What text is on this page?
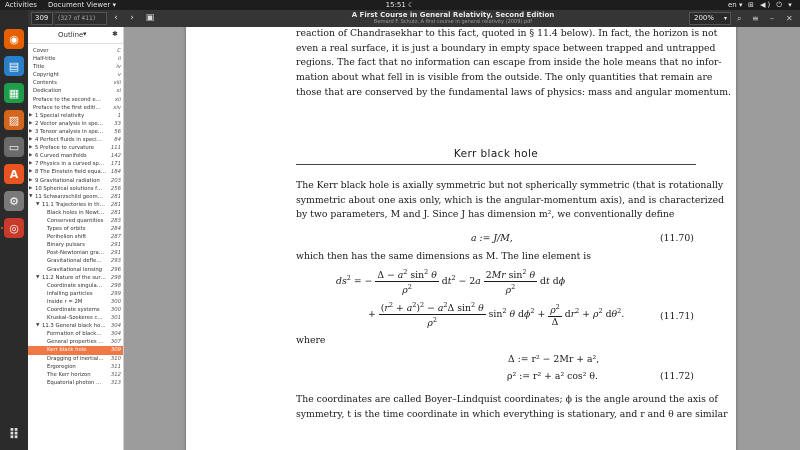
Activities Document Viewer ▾	15:51 ☾	en ▾ ⊞ ◀) ⏻ ▾
◉
▤
▦
▨
▭
A
⚙
◎
⠿
309	(327 of 411)	‹	›	▣	A First Course in General Relativity, Second Edition
Bernard F. Schutz, A first course in general relativity (2009).pdf	200% ▾ ⌕ ≡ – ✕
Outline ▾	✱
Cover	C
Half-title	ii
Title	iv
Copyright	v
Contents	viii
Dedication	xi
Preface to the second e…	xii
Preface to the first editi…	xiv
▶ 1 Special relativity	1
▶ 2 Vector analysis in spe…	33
▶ 3 Tensor analysis in spe…	56
▶ 4 Perfect fluids in speci…	84
▶ 5 Preface to curvature	111
▶ 6 Curved manifolds	142
▶ 7 Physics in a curved sp…	171
▶ 8 The Einstein field equa… 184
▶ 9 Gravitational radiation	203
▶ 10 Spherical solutions f…	256
▼ 11 Schwarzschild geom…	281
▼ 11.1 Trajectories in th…	281
Black holes in Newt…	281
Conserved quantities	283
Types of orbits	284
Perihelion shift	287
Binary pulsars	291
Post-Newtonian gra…	291
Gravitational defle…	293
Gravitational lensing	296
▼ 11.2 Nature of the sur… 298
Coordinate singula…	298
Infalling particles	299
Inside r = 2M	300
Coordinate systems	300
Kruskal–Szekeres c…	301
▼ 11.3 General black ho… 304
Formation of black…	304
General properties …	307
Kerr black hole	309
Dragging of inertial…	310
Ergoregion	311
The Kerr horizon	312
Equatorial photon …	313
reaction of Chandrasekhar to this fact, quoted in § 11.4 below). In fact, the horizon is not
even a real surface, it is just a boundary in empty space between trapped and untrapped
regions. The fact that no information can escape from inside the hole means that no infor-
mation about what fell in is visible from the outside. The only quantities that remain are
those that are conserved by the fundamental laws of physics: mass and angular momentum.
Kerr black hole
The Kerr black hole is axially symmetric but not spherically symmetric (that is rotationally
symmetric about one axis only, which is the angular-momentum axis), and is characterized
by two parameters, M and J. Since J has dimension m², we conventionally define
a := J/M,	(11.70)
which then has the same dimensions as M. The line element is
$ds^2$ = − $\frac{\Delta - a^2 \sin^2 \theta}{\rho^2} dt^2 - 2a \frac{2Mr \sin^2 \theta}{\rho^2}$ dt dϕ
+ $\frac{(r^2 + a^2)^2 - a^2\Delta \sin^2 \theta}{\rho^2} \sin^2 \theta$ $d\phi^2 + \frac{\rho^2}{\Delta} dr^2 + \rho^2$ $d\theta^2$.	(11.71)
where
Δ := r² − 2Mr + a²,
ρ² := r² + a² cos² θ.	(11.72)
The coordinates are called Boyer–Lindquist coordinates; ϕ is the angle around the axis of
symmetry, t is the time coordinate in which everything is stationary, and r and θ are similar
